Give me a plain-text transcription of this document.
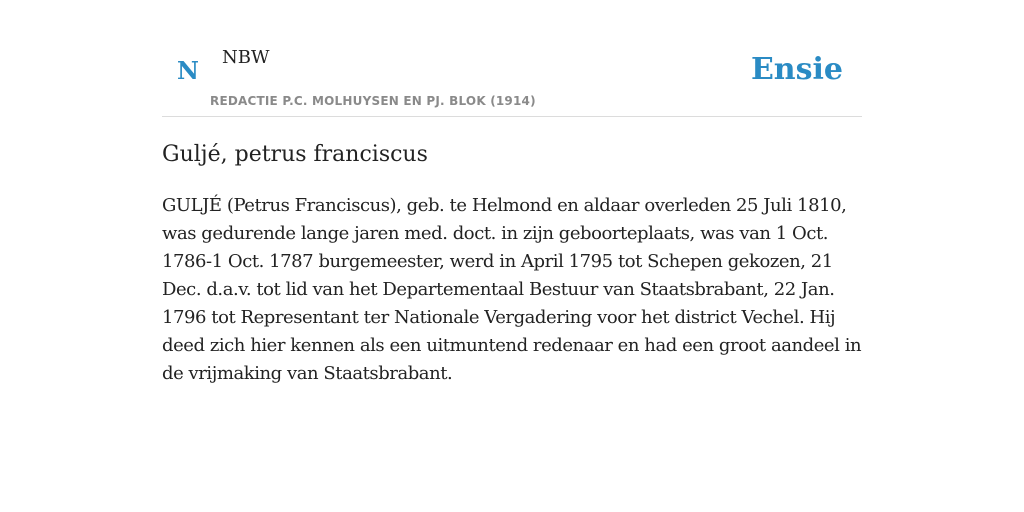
N NBW
REDACTIE P.C. MOLHUYSEN EN PJ. BLOK (1914)
Ensie
Guljé, petrus franciscus

GULJÉ (Petrus Franciscus), geb. te Helmond en aldaar overleden 25 Juli 1810, was gedurende lange jaren med. doct. in zijn geboorteplaats, was van 1 Oct. 1786-1 Oct. 1787 burgemeester, werd in April 1795 tot Schepen gekozen, 21 Dec. d.a.v. tot lid van het Departementaal Bestuur van Staatsbrabant, 22 Jan. 1796 tot Representant ter Nationale Vergadering voor het district Vechel. Hij deed zich hier kennen als een uitmuntend redenaar en had een groot aandeel in de vrijmaking van Staatsbrabant.
